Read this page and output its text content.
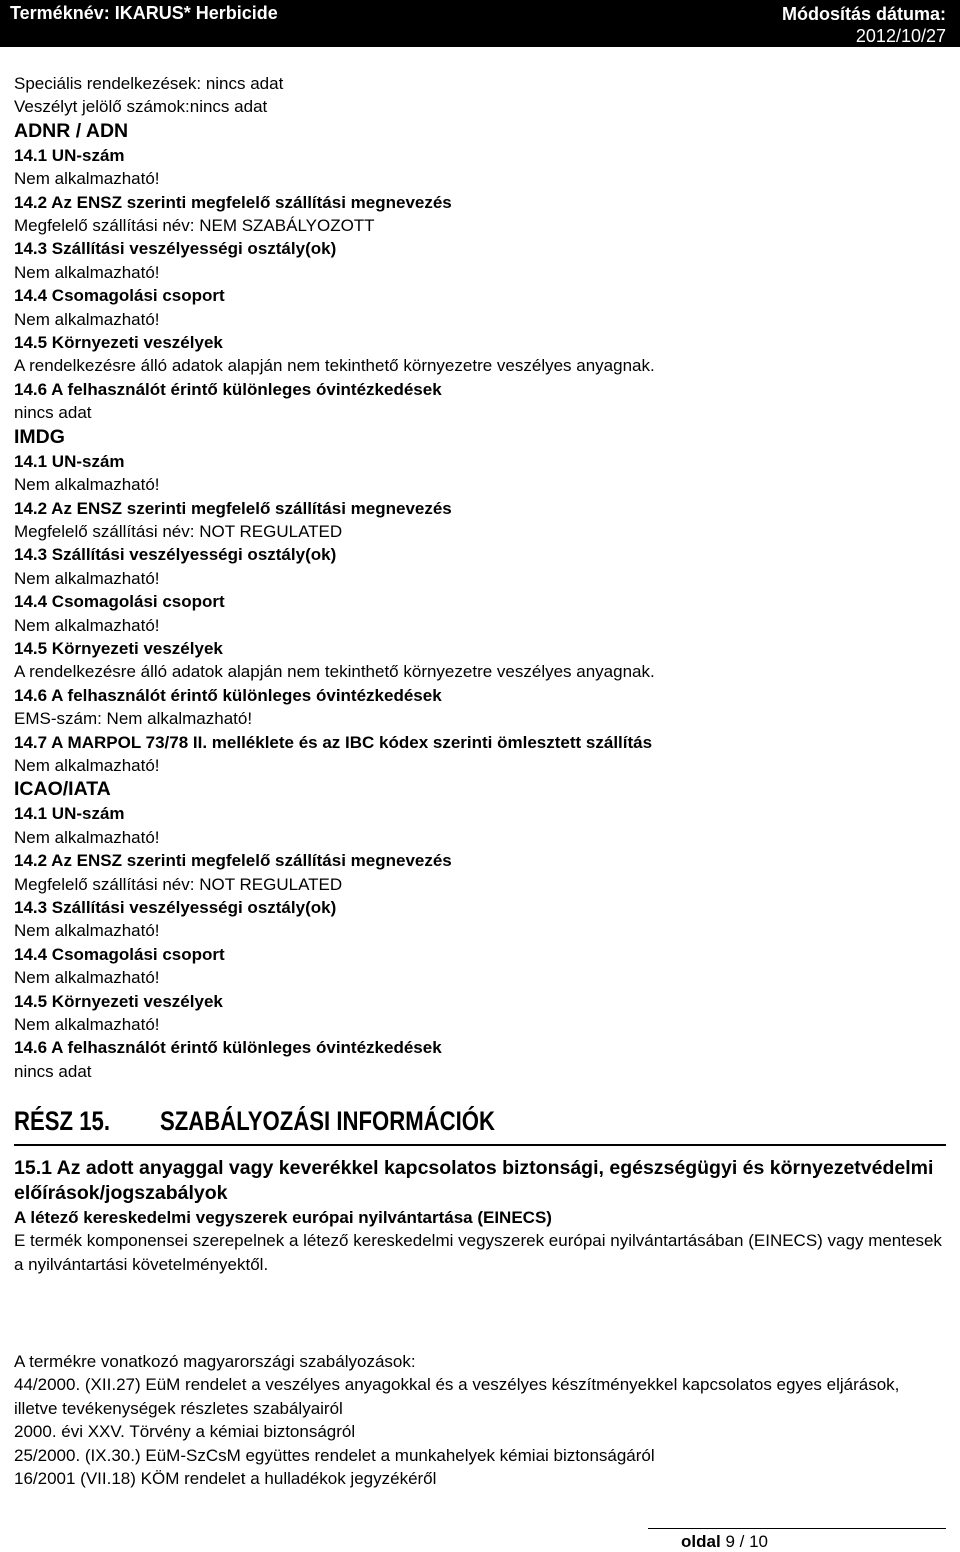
Terméknév: IKARUS* Herbicide	Módosítás dátuma:
2012/10/27
Speciális rendelkezések: nincs adat
Veszélyt jelölő számok:nincs adat
ADNR / ADN
14.1 UN-szám
Nem alkalmazható!
14.2 Az ENSZ szerinti megfelelő szállítási megnevezés
Megfelelő szállítási név: NEM SZABÁLYOZOTT
14.3 Szállítási veszélyességi osztály(ok)
Nem alkalmazható!
14.4 Csomagolási csoport
Nem alkalmazható!
14.5 Környezeti veszélyek
A rendelkezésre álló adatok alapján nem tekinthető környezetre veszélyes anyagnak.
14.6 A felhasználót érintő különleges óvintézkedések
nincs adat
IMDG
14.1 UN-szám
Nem alkalmazható!
14.2 Az ENSZ szerinti megfelelő szállítási megnevezés
Megfelelő szállítási név: NOT REGULATED
14.3 Szállítási veszélyességi osztály(ok)
Nem alkalmazható!
14.4 Csomagolási csoport
Nem alkalmazható!
14.5 Környezeti veszélyek
A rendelkezésre álló adatok alapján nem tekinthető környezetre veszélyes anyagnak.
14.6 A felhasználót érintő különleges óvintézkedések
EMS-szám: Nem alkalmazható!
14.7 A MARPOL 73/78 II. melléklete és az IBC kódex szerinti ömlesztett szállítás
Nem alkalmazható!
ICAO/IATA
14.1 UN-szám
Nem alkalmazható!
14.2 Az ENSZ szerinti megfelelő szállítási megnevezés
Megfelelő szállítási név: NOT REGULATED
14.3 Szállítási veszélyességi osztály(ok)
Nem alkalmazható!
14.4 Csomagolási csoport
Nem alkalmazható!
14.5 Környezeti veszélyek
Nem alkalmazható!
14.6 A felhasználót érintő különleges óvintézkedések
nincs adat
RÉSZ 15. SZABÁLYOZÁSI INFORMÁCIÓK
15.1 Az adott anyaggal vagy keverékkel kapcsolatos biztonsági, egészségügyi és környezetvédelmi előírások/jogszabályok
A létező kereskedelmi vegyszerek európai nyilvántartása (EINECS)
E termék komponensei szerepelnek a létező kereskedelmi vegyszerek európai nyilvántartásában (EINECS) vagy mentesek a nyilvántartási követelményektől.
A termékre vonatkozó magyarországi szabályozások:
44/2000. (XII.27) EüM rendelet a veszélyes anyagokkal és a veszélyes készítményekkel kapcsolatos egyes eljárások, illetve tevékenységek részletes szabályairól
2000. évi XXV. Törvény a kémiai biztonságról
25/2000. (IX.30.) EüM-SzCsM együttes rendelet a munkahelyek kémiai biztonságáról
16/2001 (VII.18) KÖM rendelet a hulladékok jegyzékéről
oldal 9 / 10
